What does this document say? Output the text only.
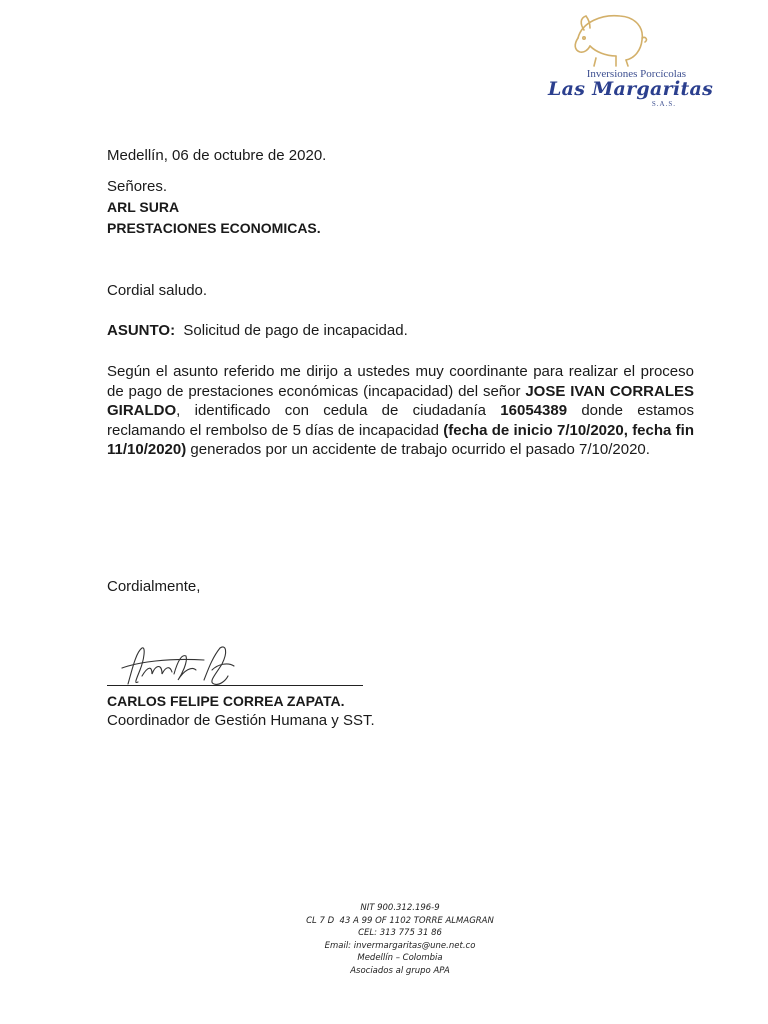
Inversiones Porcícolas
Las Margaritas
S.A.S.
Medellín, 06 de octubre de 2020.
Señores.
ARL SURA
PRESTACIONES ECONOMICAS.
Cordial saludo.
ASUNTO: Solicitud de pago de incapacidad.
Según el asunto referido me dirijo a ustedes muy coordinante para realizar el proceso de pago de prestaciones económicas (incapacidad) del señor JOSE IVAN CORRALES GIRALDO, identificado con cedula de ciudadanía 16054389 donde estamos reclamando el rembolso de 5 días de incapacidad (fecha de inicio 7/10/2020, fecha fin 11/10/2020) generados por un accidente de trabajo ocurrido el pasado 7/10/2020.
Cordialmente,
CARLOS FELIPE CORREA ZAPATA.
Coordinador de Gestión Humana y SST.
NIT 900.312.196-9
CL 7 D  43 A 99 OF 1102 TORRE ALMAGRAN
CEL: 313 775 31 86
Email: invermargaritas@une.net.co
Medellín – Colombia
Asociados al grupo APA
